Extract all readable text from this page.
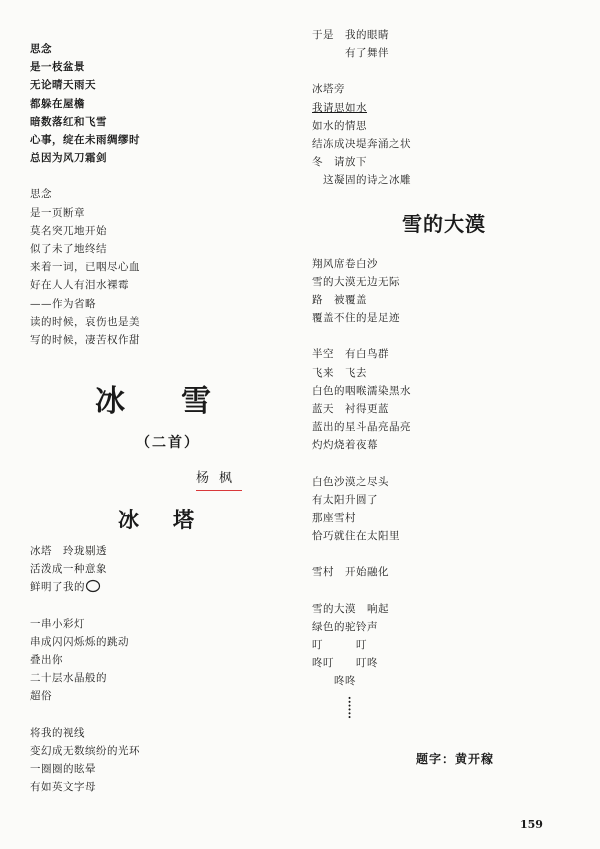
思念
是一枝盆景
无论晴天雨天
都躲在屋檐
暗数落红和飞雪
心事，绽在未雨绸缪时
总因为风刀霜剑
思念
是一页断章
莫名突兀地开始
似了未了地终结
来着一词，已咽尽心血
好在人人有泪水裸霉
——作为省略
读的时候，哀伤也是美
写的时候，凄苦权作甜
冰雪
（二首）
杨枫
冰塔
冰塔　玲珑剔透
活泼成一种意象
鲜明了我的
一串小彩灯
串成闪闪烁烁的跳动
叠出你
二十层水晶般的
超俗
将我的视线
变幻成无数缤纷的光环
一圈圈的眩晕
有如英文字母
于是　我的眼睛
　　　有了舞伴
冰塔旁
我请思如水
如水的情思
结冻成决堤奔涌之状
冬　请放下
　这凝固的诗之冰雕
雪的大漠
翔风席卷白沙
雪的大漠无边无际
路　被覆盖
覆盖不住的是足迹
半空　有白鸟群
飞来　飞去
白色的咽喉濡染黑水
蓝天　衬得更蓝
蓝出的星斗晶亮晶亮
灼灼烧着夜幕
白色沙漠之尽头
有太阳升圆了
那座雪村
恰巧就住在太阳里
雪村　开始融化
雪的大漠　响起
绿色的驼铃声
叮　　　叮
咚叮　　叮咚
　　咚咚
······
题字：黄开稼
159
